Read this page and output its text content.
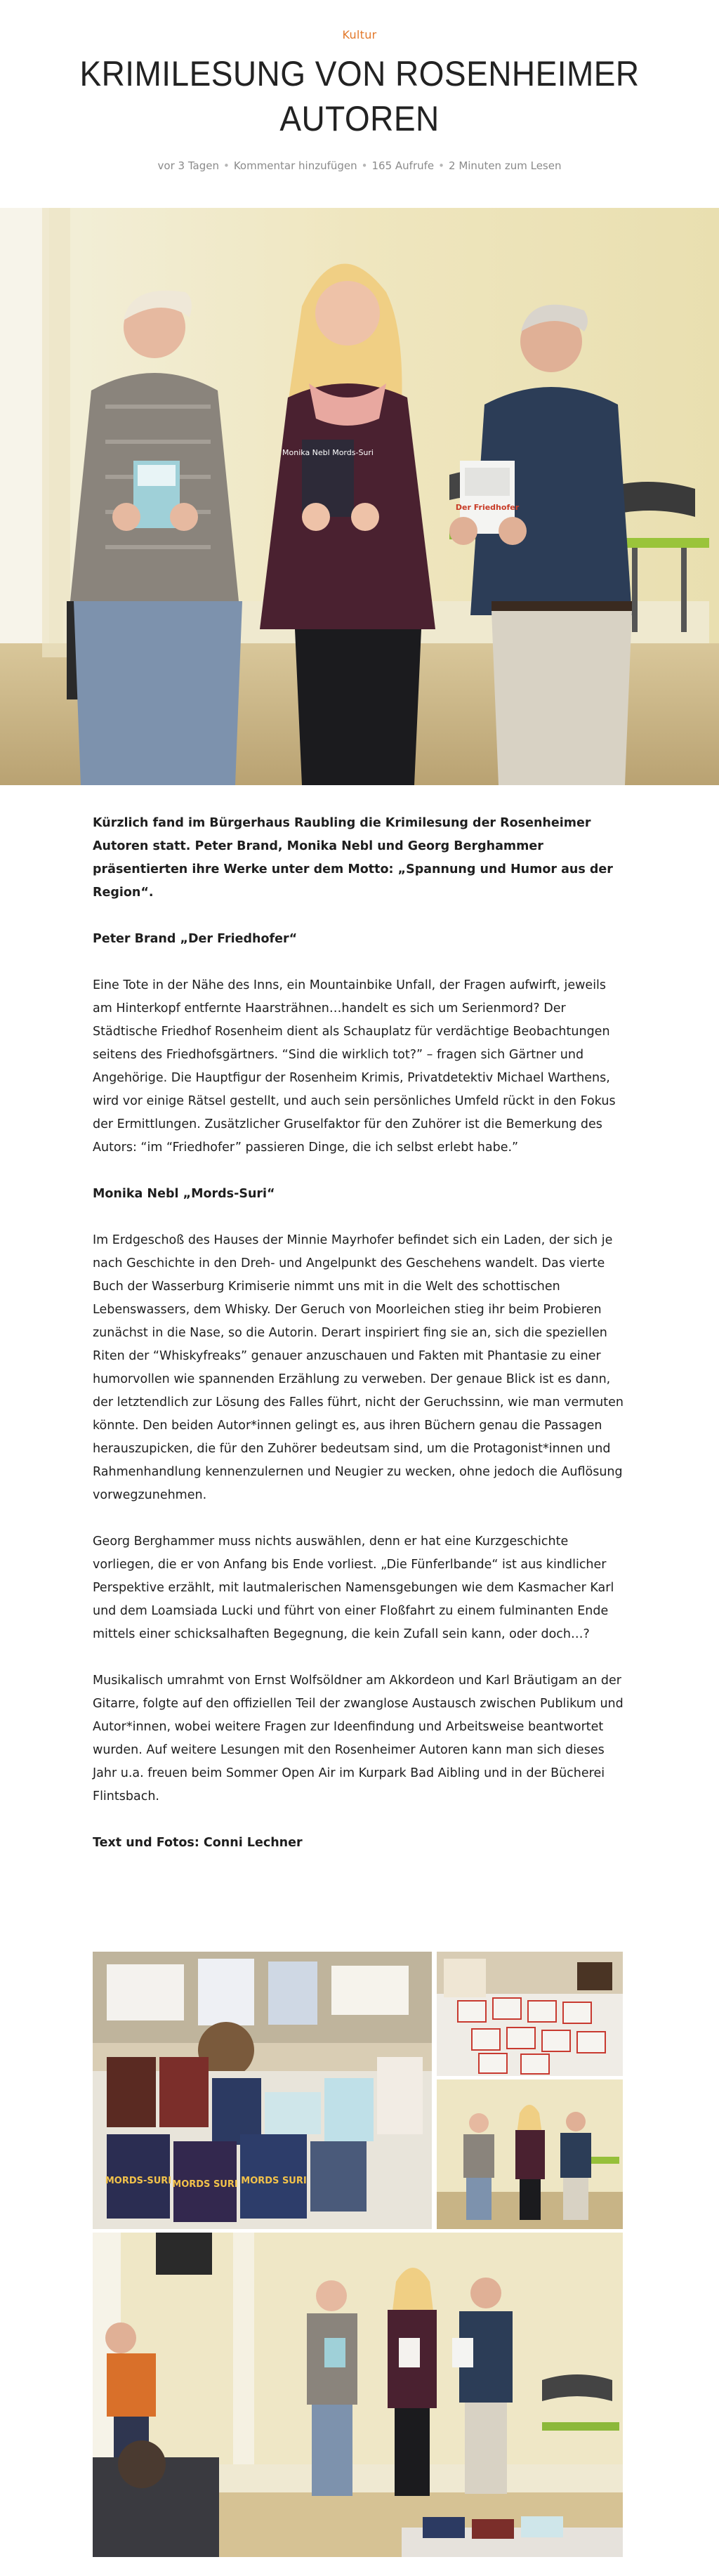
Kultur
KRIMILESUNG VON ROSENHEIMER AUTOREN
vor 3 Tagen • Kommentar hinzufügen • 165 Aufrufe • 2 Minuten zum Lesen
Monika Nebl Mords-Suri
Der Friedhofer

Kürzlich fand im Bürgerhaus Raubling die Krimilesung der Rosenheimer Autoren statt. Peter Brand, Monika Nebl und Georg Berghammer präsentierten ihre Werke unter dem Motto: „Spannung und Humor aus der Region“.

Peter Brand „Der Friedhofer“

Eine Tote in der Nähe des Inns, ein Mountainbike Unfall, der Fragen aufwirft, jeweils am Hinterkopf entfernte Haarsträhnen…handelt es sich um Serienmord? Der Städtische Friedhof Rosenheim dient als Schauplatz für verdächtige Beobachtungen seitens des Friedhofsgärtners. “Sind die wirklich tot?” – fragen sich Gärtner und Angehörige. Die Hauptfigur der Rosenheim Krimis, Privatdetektiv Michael Warthens, wird vor einige Rätsel gestellt, und auch sein persönliches Umfeld rückt in den Fokus der Ermittlungen. Zusätzlicher Gruselfaktor für den Zuhörer ist die Bemerkung des Autors: “im “Friedhofer” passieren Dinge, die ich selbst erlebt habe.”

Monika Nebl „Mords-Suri“

Im Erdgeschoß des Hauses der Minnie Mayrhofer befindet sich ein Laden, der sich je nach Geschichte in den Dreh- und Angelpunkt des Geschehens wandelt. Das vierte Buch der Wasserburg Krimiserie nimmt uns mit in die Welt des schottischen Lebenswassers, dem Whisky. Der Geruch von Moorleichen stieg ihr beim Probieren zunächst in die Nase, so die Autorin. Derart inspiriert fing sie an, sich die speziellen Riten der “Whiskyfreaks” genauer anzuschauen und Fakten mit Phantasie zu einer humorvollen wie spannenden Erzählung zu verweben. Der genaue Blick ist es dann, der letztendlich zur Lösung des Falles führt, nicht der Geruchssinn, wie man vermuten könnte. Den beiden Autor*innen gelingt es, aus ihren Büchern genau die Passagen herauszupicken, die für den Zuhörer bedeutsam sind, um die Protagonist*innen und Rahmenhandlung kennenzulernen und Neugier zu wecken, ohne jedoch die Auflösung vorwegzunehmen.

Georg Berghammer muss nichts auswählen, denn er hat eine Kurzgeschichte vorliegen, die er von Anfang bis Ende vorliest. „Die Fünferlbande“ ist aus kindlicher Perspektive erzählt, mit lautmalerischen Namensgebungen wie dem Kasmacher Karl und dem Loamsiada Lucki und führt von einer Floßfahrt zu einem fulminanten Ende mittels einer schicksalhaften Begegnung, die kein Zufall sein kann, oder doch…?

Musikalisch umrahmt von Ernst Wolfsöldner am Akkordeon und Karl Bräutigam an der Gitarre, folgte auf den offiziellen Teil der zwanglose Austausch zwischen Publikum und Autor*innen, wobei weitere Fragen zur Ideenfindung und Arbeitsweise beantwortet wurden. Auf weitere Lesungen mit den Rosenheimer Autoren kann man sich dieses Jahr u.a. freuen beim Sommer Open Air im Kurpark Bad Aibling und in der Bücherei Flintsbach.

Text und Fotos: Conni Lechner

MORDS-SURI MORDS SURI MORDS SURI
